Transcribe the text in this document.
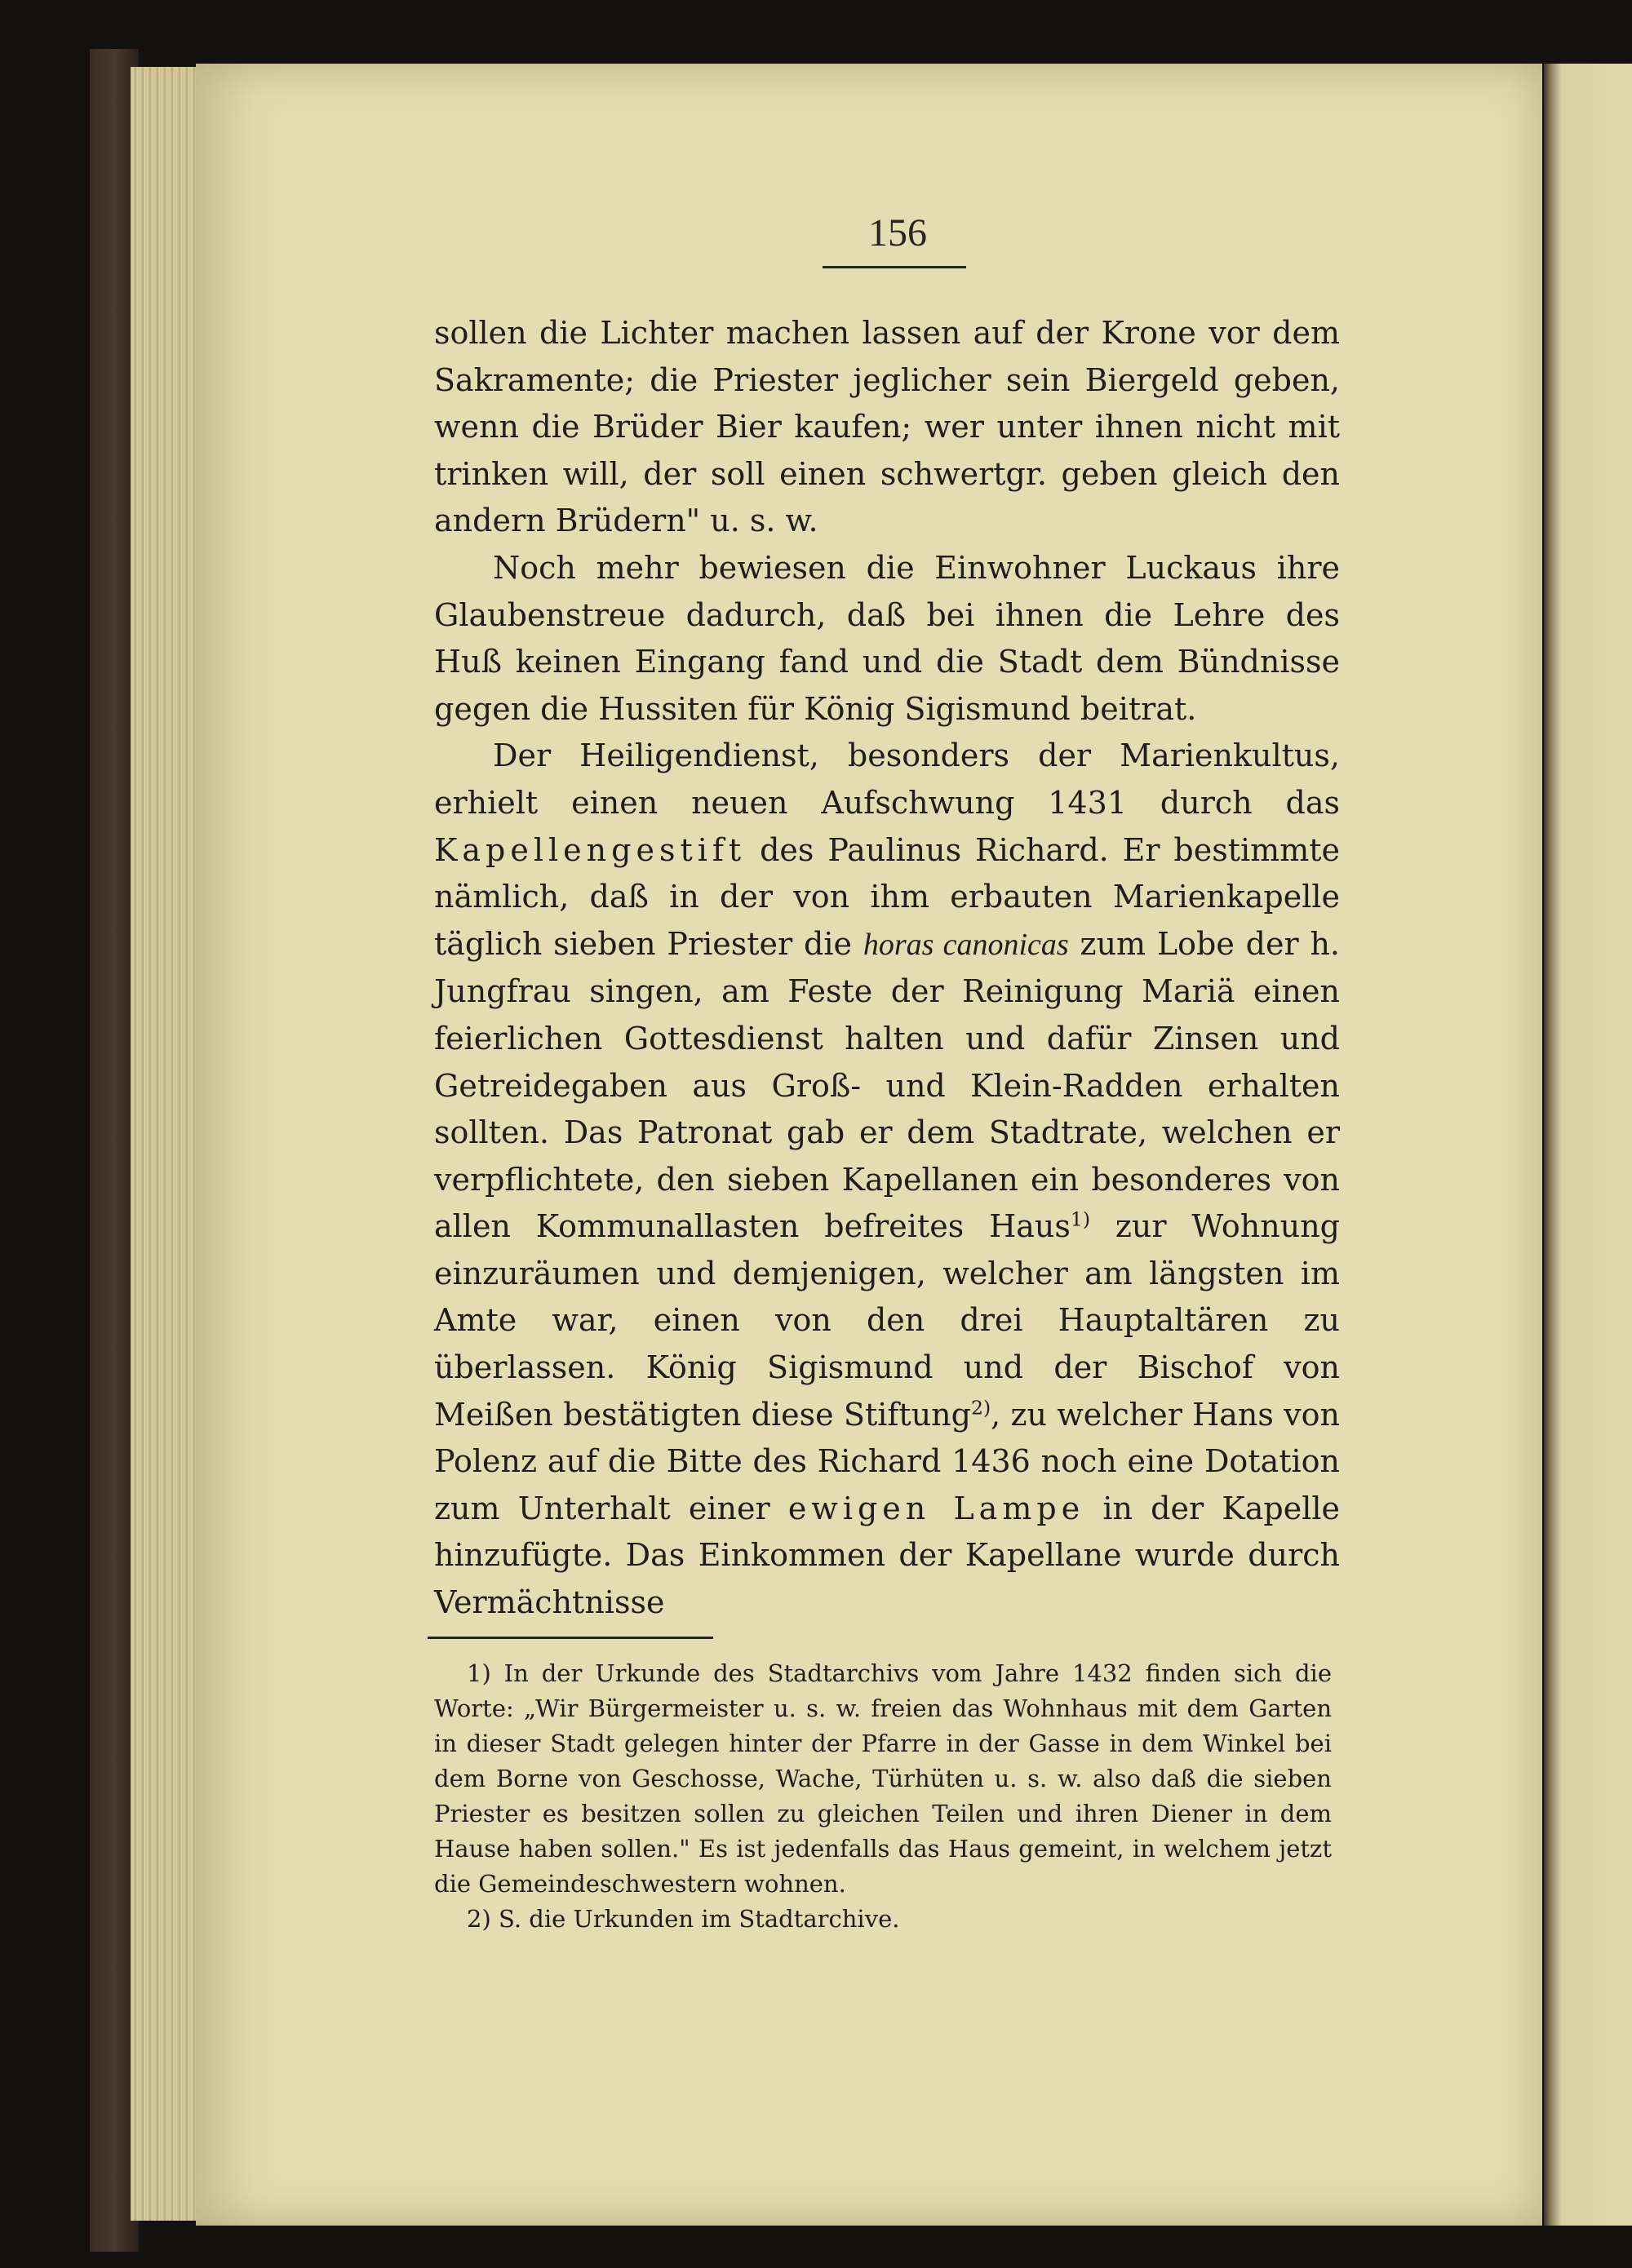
156

sollen die Lichter machen lassen auf der Krone vor dem Sakramente; die Priester jeglicher sein Biergeld geben, wenn die Brüder Bier kaufen; wer unter ihnen nicht mit trinken will, der soll einen schwertgr. geben gleich den andern Brüdern" u. s. w.

Noch mehr bewiesen die Einwohner Luckaus ihre Glaubenstreue dadurch, daß bei ihnen die Lehre des Huß keinen Eingang fand und die Stadt dem Bündnisse gegen die Hussiten für König Sigismund beitrat.

Der Heiligendienst, besonders der Marienkultus, erhielt einen neuen Aufschwung 1431 durch das Kapellengestift des Paulinus Richard. Er bestimmte nämlich, daß in der von ihm erbauten Marienkapelle täglich sieben Priester die horas canonicas zum Lobe der h. Jungfrau singen, am Feste der Reinigung Mariä einen feierlichen Gottesdienst halten und dafür Zinsen und Getreidegaben aus Groß- und Klein-Radden erhalten sollten. Das Patronat gab er dem Stadtrate, welchen er verpflichtete, den sieben Kapellanen ein besonderes von allen Kommunallasten befreites Haus$^{1)}$ zur Wohnung einzuräumen und demjenigen, welcher am längsten im Amte war, einen von den drei Hauptaltären zu überlassen. König Sigismund und der Bischof von Meißen bestätigten diese Stiftung$^{2)}$, zu welcher Hans von Polenz auf die Bitte des Richard 1436 noch eine Dotation zum Unterhalt einer ewigen Lampe in der Kapelle hinzufügte. Das Einkommen der Kapellane wurde durch Vermächtnisse

1) In der Urkunde des Stadtarchivs vom Jahre 1432 finden sich die Worte: „Wir Bürgermeister u. s. w. freien das Wohnhaus mit dem Garten in dieser Stadt gelegen hinter der Pfarre in der Gasse in dem Winkel bei dem Borne von Geschosse, Wache, Türhüten u. s. w. also daß die sieben Priester es besitzen sollen zu gleichen Teilen und ihren Diener in dem Hause haben sollen." Es ist jedenfalls das Haus gemeint, in welchem jetzt die Gemeindeschwestern wohnen.

2) S. die Urkunden im Stadtarchive.
